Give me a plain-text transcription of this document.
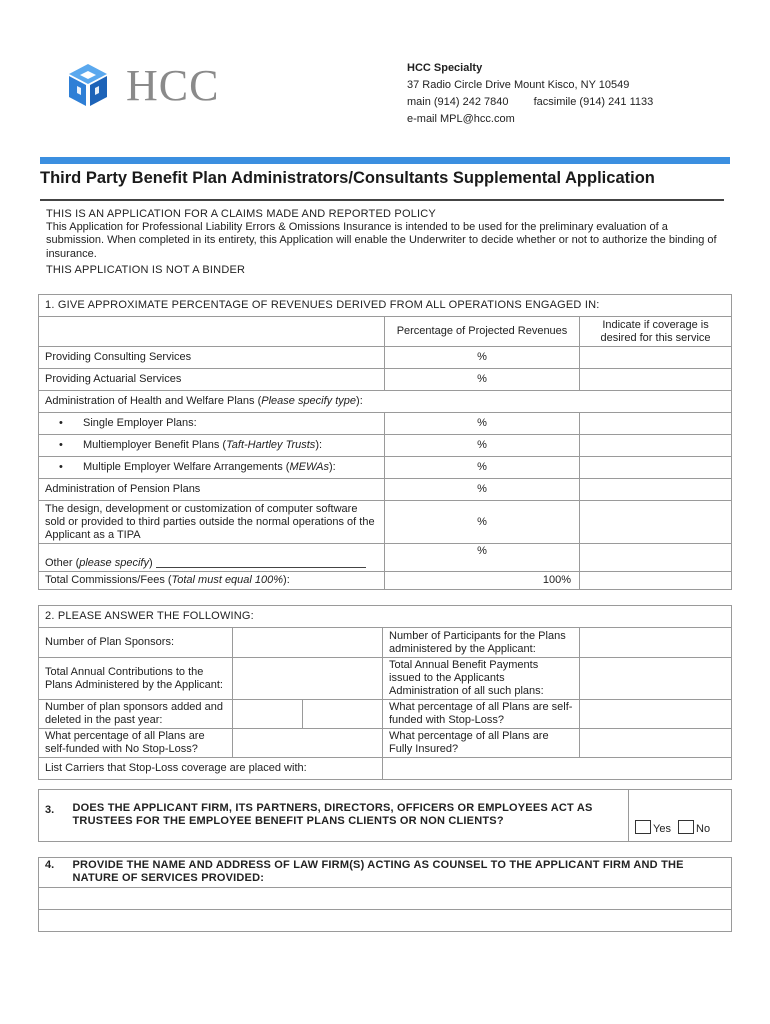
HCC	HCC Specialty
37 Radio Circle Drive Mount Kisco, NY 10549
main (914) 242 7840 facsimile (914) 241 1133
e-mail MPL@hcc.com
Third Party Benefit Plan Administrators/Consultants Supplemental Application
THIS IS AN APPLICATION FOR A CLAIMS MADE AND REPORTED POLICY
This Application for Professional Liability Errors & Omissions Insurance is intended to be used for the preliminary evaluation of a submission. When completed in its entirety, this Application will enable the Underwriter to decide whether or not to authorize the binding of insurance.
THIS APPLICATION IS NOT A BINDER
1. GIVE APPROXIMATE PERCENTAGE OF REVENUES DERIVED FROM ALL OPERATIONS ENGAGED IN:		
	Percentage of Projected Revenues	Indicate if coverage is desired for this service
Providing Consulting Services	%	
Providing Actuarial Services	%	
Administration of Health and Welfare Plans (Please specify type):		
• Single Employer Plans:	%	
• Multiemployer Benefit Plans (Taft-Hartley Trusts):	%	
• Multiple Employer Welfare Arrangements (MEWAs):	%	
Administration of Pension Plans	%	
The design, development or customization of computer software sold or provided to third parties outside the normal operations of the Applicant as a TIPA	%	
Other (please specify)	%	
Total Commissions/Fees (Total must equal 100%):	100%	
2. PLEASE ANSWER THE FOLLOWING:				
Number of Plan Sponsors:			Number of Participants for the Plans administered by the Applicant:	
Total Annual Contributions to the Plans Administered by the Applicant:			Total Annual Benefit Payments issued to the Applicants Administration of all such plans:	
Number of plan sponsors added and deleted in the past year:			What percentage of all Plans are self-funded with Stop-Loss?	
What percentage of all Plans are self-funded with No Stop-Loss?			What percentage of all Plans are Fully Insured?	
List Carriers that Stop-Loss coverage are placed with:				
3.	DOES THE APPLICANT FIRM, ITS PARTNERS, DIRECTORS, OFFICERS OR EMPLOYEES ACT AS TRUSTEES FOR THE EMPLOYEE BENEFIT PLANS CLIENTS OR NON CLIENTS?	Yes No
4.	PROVIDE THE NAME AND ADDRESS OF LAW FIRM(S) ACTING AS COUNSEL TO THE APPLICANT FIRM AND THE NATURE OF SERVICES PROVIDED:
